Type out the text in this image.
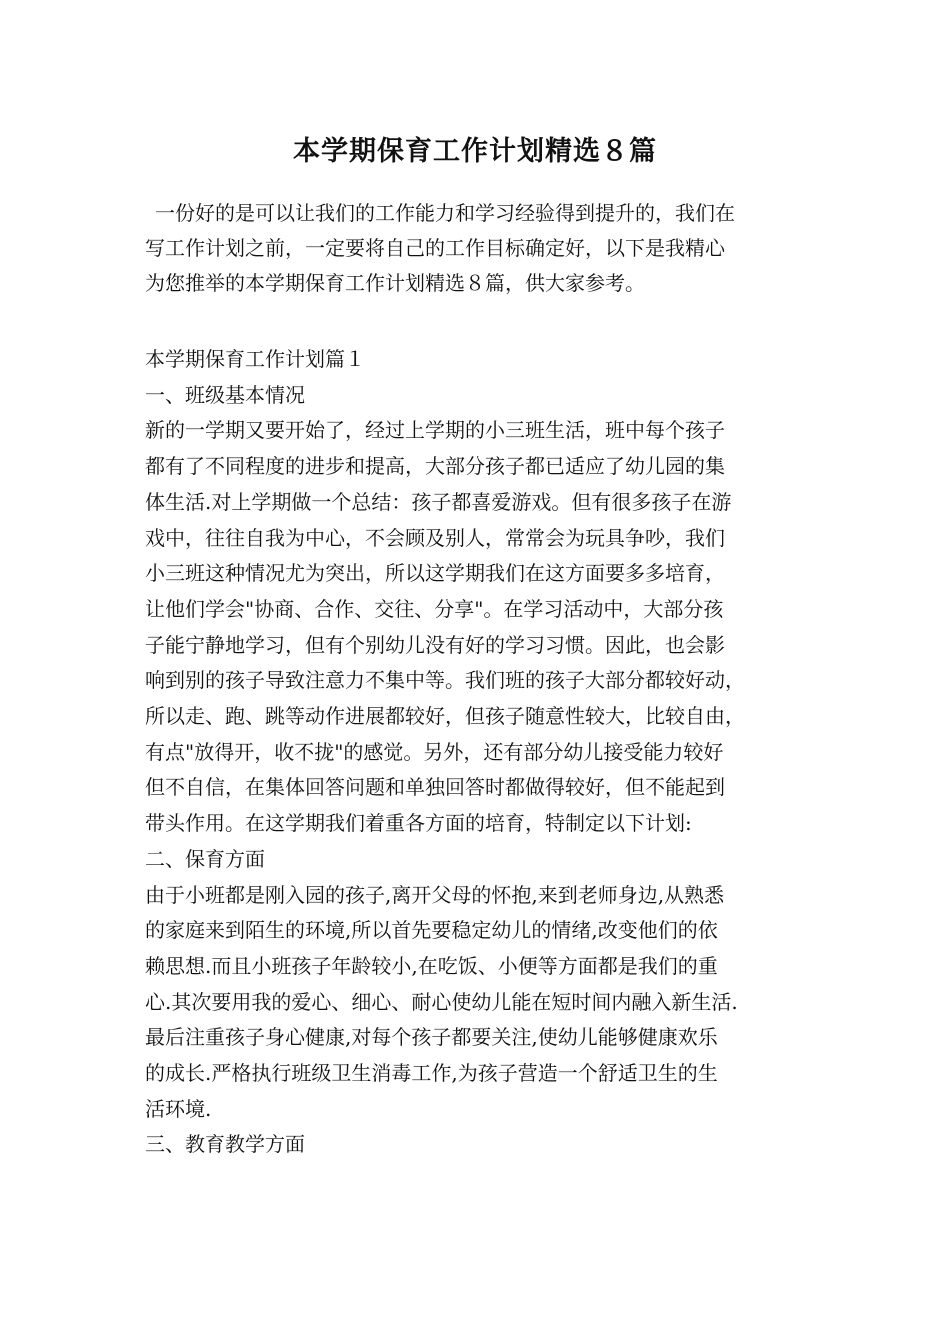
本学期保育工作计划精选８篇
一份好的是可以让我们的工作能力和学习经验得到提升的，我们在
写工作计划之前，一定要将自己的工作目标确定好，以下是我精心
为您推举的本学期保育工作计划精选８篇，供大家参考。
本学期保育工作计划篇１
一、班级基本情况
新的一学期又要开始了，经过上学期的小三班生活，班中每个孩子
都有了不同程度的进步和提高，大部分孩子都已适应了幼儿园的集
体生活.对上学期做一个总结：孩子都喜爱游戏。但有很多孩子在游
戏中，往往自我为中心，不会顾及别人，常常会为玩具争吵，我们
小三班这种情况尤为突出，所以这学期我们在这方面要多多培育，
让他们学会"协商、合作、交往、分享"。在学习活动中，大部分孩
子能宁静地学习，但有个别幼儿没有好的学习习惯。因此，也会影
响到别的孩子导致注意力不集中等。我们班的孩子大部分都较好动，
所以走、跑、跳等动作进展都较好，但孩子随意性较大，比较自由，
有点"放得开，收不拢"的感觉。另外，还有部分幼儿接受能力较好
但不自信，在集体回答问题和单独回答时都做得较好，但不能起到
带头作用。在这学期我们着重各方面的培育，特制定以下计划:
二、保育方面
由于小班都是刚入园的孩子,离开父母的怀抱,来到老师身边,从熟悉
的家庭来到陌生的环境,所以首先要稳定幼儿的情绪,改变他们的依
赖思想.而且小班孩子年龄较小,在吃饭、小便等方面都是我们的重
心.其次要用我的爱心、细心、耐心使幼儿能在短时间内融入新生活.
最后注重孩子身心健康,对每个孩子都要关注,使幼儿能够健康欢乐
的成长.严格执行班级卫生消毒工作,为孩子营造一个舒适卫生的生
活环境.
三、教育教学方面
